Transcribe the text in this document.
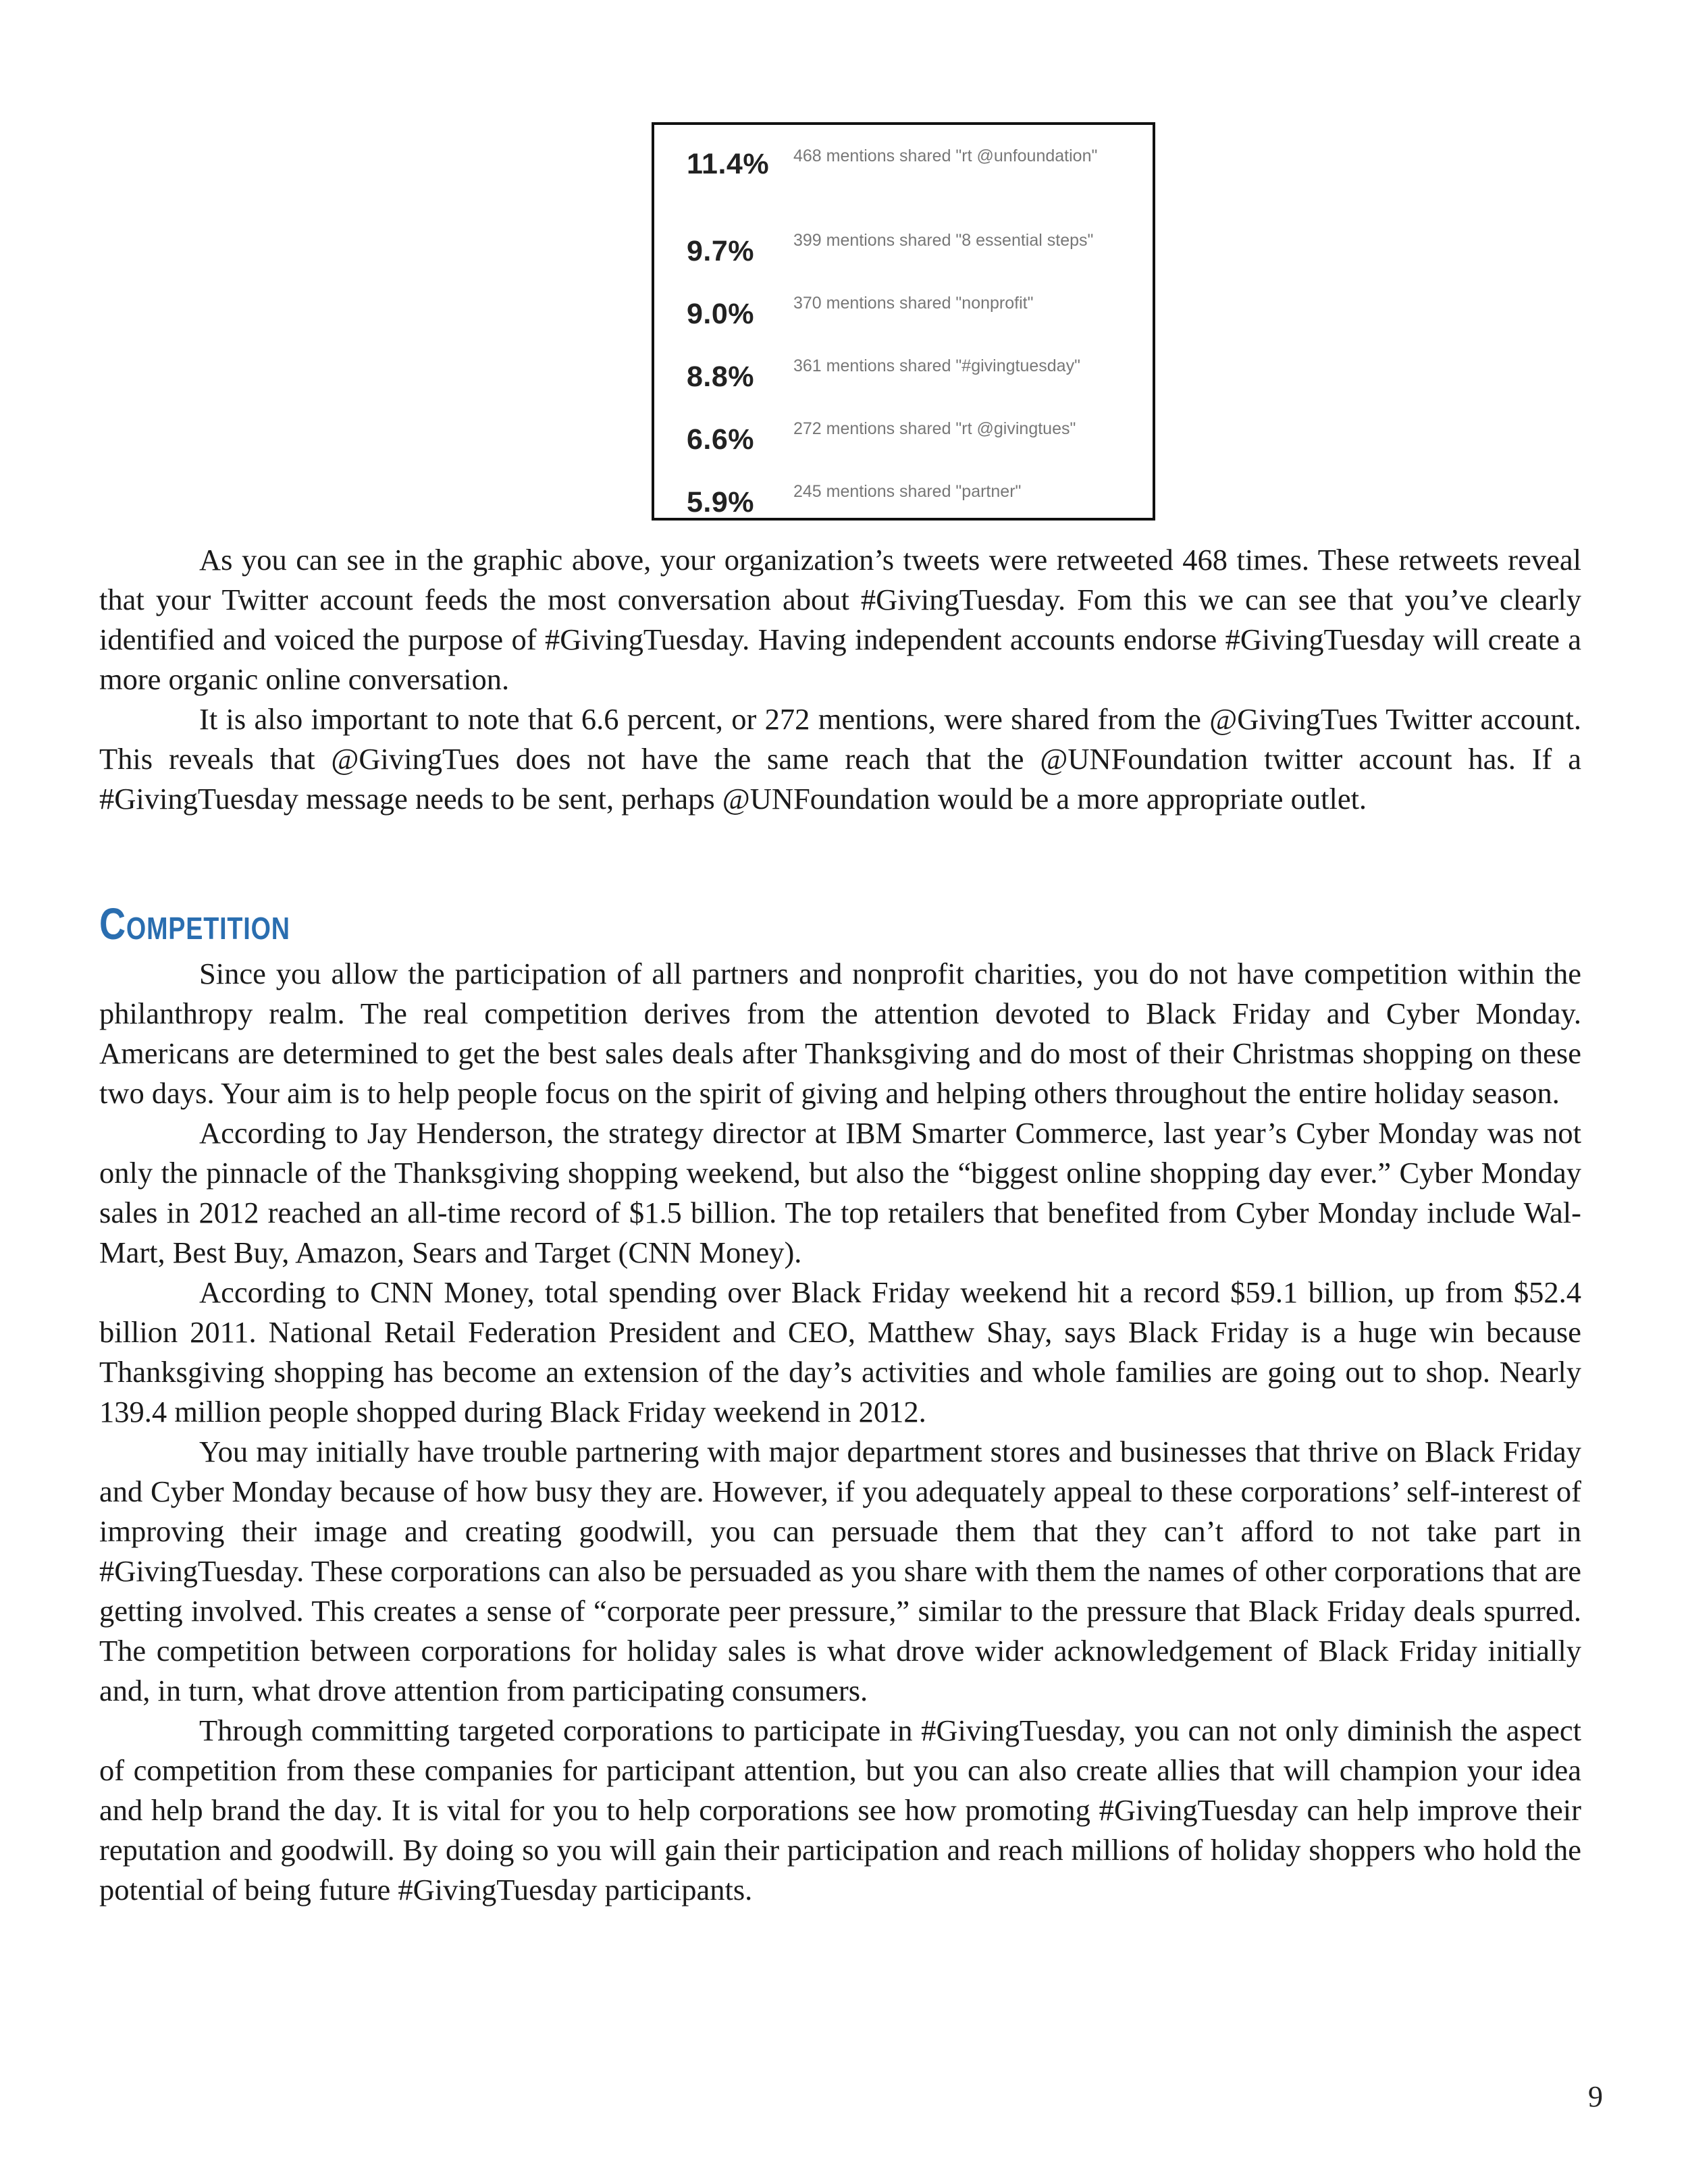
11.4% 468 mentions shared "rt @unfoundation"
9.7% 399 mentions shared "8 essential steps"
9.0% 370 mentions shared "nonprofit"
8.8% 361 mentions shared "#givingtuesday"
6.6% 272 mentions shared "rt @givingtues"
5.9% 245 mentions shared "partner"

As you can see in the graphic above, your organization’s tweets were retweeted 468 times. These retweets reveal that your Twitter account feeds the most conversation about #GivingTuesday. Fom this we can see that you’ve clearly identified and voiced the purpose of #GivingTuesday. Having independent accounts endorse #GivingTuesday will create a more organic online conversation.

It is also important to note that 6.6 percent, or 272 mentions, were shared from the @GivingTues Twitter account. This reveals that @GivingTues does not have the same reach that the @UNFoundation twitter account has. If a #GivingTuesday message needs to be sent, perhaps @UNFoundation would be a more appropriate outlet.

Competition

Since you allow the participation of all partners and nonprofit charities, you do not have competition within the philanthropy realm. The real competition derives from the attention devoted to Black Friday and Cyber Monday. Americans are determined to get the best sales deals after Thanksgiving and do most of their Christmas shopping on these two days. Your aim is to help people focus on the spirit of giving and helping others throughout the entire holiday season.

According to Jay Henderson, the strategy director at IBM Smarter Commerce, last year’s Cyber Monday was not only the pinnacle of the Thanksgiving shopping weekend, but also the “biggest online shopping day ever.” Cyber Monday sales in 2012 reached an all-time record of $1.5 billion. The top retailers that benefited from Cyber Monday include Wal-Mart, Best Buy, Amazon, Sears and Target (CNN Money).

According to CNN Money, total spending over Black Friday weekend hit a record $59.1 billion, up from $52.4 billion 2011. National Retail Federation President and CEO, Matthew Shay, says Black Friday is a huge win because Thanksgiving shopping has become an extension of the day’s activities and whole families are going out to shop. Nearly 139.4 million people shopped during Black Friday weekend in 2012.

You may initially have trouble partnering with major department stores and businesses that thrive on Black Friday and Cyber Monday because of how busy they are. However, if you adequately appeal to these corporations’ self-interest of improving their image and creating goodwill, you can persuade them that they can’t afford to not take part in #GivingTuesday. These corporations can also be persuaded as you share with them the names of other corporations that are getting involved. This creates a sense of “corporate peer pressure,” similar to the pressure that Black Friday deals spurred. The competition between corporations for holiday sales is what drove wider acknowledgement of Black Friday initially and, in turn, what drove attention from participating consumers.

Through committing targeted corporations to participate in #GivingTuesday, you can not only diminish the aspect of competition from these companies for participant attention, but you can also create allies that will champion your idea and help brand the day. It is vital for you to help corporations see how promoting #GivingTuesday can help improve their reputation and goodwill. By doing so you will gain their participation and reach millions of holiday shoppers who hold the potential of being future #GivingTuesday participants.

9
